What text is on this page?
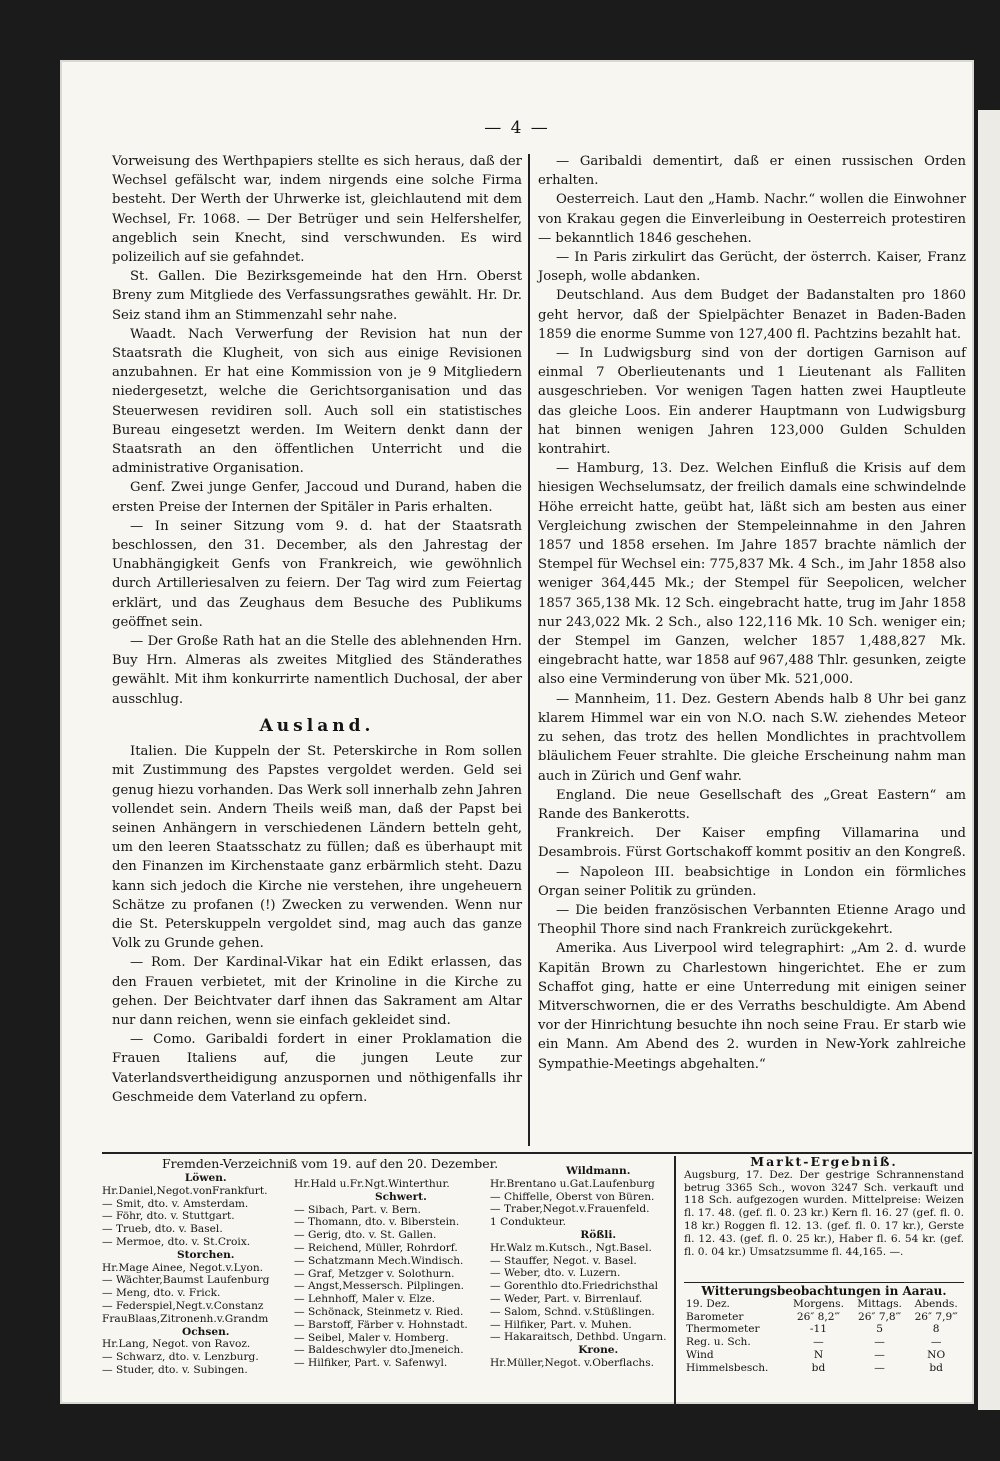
— 4 —

Vorweisung des Werthpapiers stellte es sich heraus, daß der Wechsel gefälscht war, indem nirgends eine solche Firma besteht. Der Werth der Uhrwerke ist, gleichlautend mit dem Wechsel, Fr. 1068. — Der Betrüger und sein Helfershelfer, angeblich sein Knecht, sind verschwunden. Es wird polizeilich auf sie gefahndet.

St. Gallen. Die Bezirksgemeinde hat den Hrn. Oberst Breny zum Mitgliede des Verfassungsrathes gewählt. Hr. Dr. Seiz stand ihm an Stimmenzahl sehr nahe.

Waadt. Nach Verwerfung der Revision hat nun der Staatsrath die Klugheit, von sich aus einige Revisionen anzubahnen. Er hat eine Kommission von je 9 Mitgliedern niedergesetzt, welche die Gerichtsorganisation und das Steuerwesen revidiren soll. Auch soll ein statistisches Bureau eingesetzt werden. Im Weitern denkt dann der Staatsrath an den öffentlichen Unterricht und die administrative Organisation.

Genf. Zwei junge Genfer, Jaccoud und Durand, haben die ersten Preise der Internen der Spitäler in Paris erhalten.

— In seiner Sitzung vom 9. d. hat der Staatsrath beschlossen, den 31. December, als den Jahrestag der Unabhängigkeit Genfs von Frankreich, wie gewöhnlich durch Artilleriesalven zu feiern. Der Tag wird zum Feiertag erklärt, und das Zeughaus dem Besuche des Publikums geöffnet sein.

— Der Große Rath hat an die Stelle des ablehnenden Hrn. Buy Hrn. Almeras als zweites Mitglied des Ständerathes gewählt. Mit ihm konkurrirte namentlich Duchosal, der aber ausschlug.

Ausland.

Italien. Die Kuppeln der St. Peterskirche in Rom sollen mit Zustimmung des Papstes vergoldet werden. Geld sei genug hiezu vorhanden. Das Werk soll innerhalb zehn Jahren vollendet sein. Andern Theils weiß man, daß der Papst bei seinen Anhängern in verschiedenen Ländern betteln geht, um den leeren Staatsschatz zu füllen; daß es überhaupt mit den Finanzen im Kirchenstaate ganz erbärmlich steht. Dazu kann sich jedoch die Kirche nie verstehen, ihre ungeheuern Schätze zu profanen (!) Zwecken zu verwenden. Wenn nur die St. Peterskuppeln vergoldet sind, mag auch das ganze Volk zu Grunde gehen.

— Rom. Der Kardinal-Vikar hat ein Edikt erlassen, das den Frauen verbietet, mit der Krinoline in die Kirche zu gehen. Der Beichtvater darf ihnen das Sakrament am Altar nur dann reichen, wenn sie einfach gekleidet sind.

— Como. Garibaldi fordert in einer Proklamation die Frauen Italiens auf, die jungen Leute zur Vaterlandsvertheidigung anzuspornen und nöthigenfalls ihr Geschmeide dem Vaterland zu opfern.

— Garibaldi dementirt, daß er einen russischen Orden erhalten.

Oesterreich. Laut den „Hamb. Nachr.“ wollen die Einwohner von Krakau gegen die Einverleibung in Oesterreich protestiren — bekanntlich 1846 geschehen.

— In Paris zirkulirt das Gerücht, der österrch. Kaiser, Franz Joseph, wolle abdanken.

Deutschland. Aus dem Budget der Badanstalten pro 1860 geht hervor, daß der Spielpächter Benazet in Baden-Baden 1859 die enorme Summe von 127,400 fl. Pachtzins bezahlt hat.

— In Ludwigsburg sind von der dortigen Garnison auf einmal 7 Oberlieutenants und 1 Lieutenant als Falliten ausgeschrieben. Vor wenigen Tagen hatten zwei Hauptleute das gleiche Loos. Ein anderer Hauptmann von Ludwigsburg hat binnen wenigen Jahren 123,000 Gulden Schulden kontrahirt.

— Hamburg, 13. Dez. Welchen Einfluß die Krisis auf dem hiesigen Wechselumsatz, der freilich damals eine schwindelnde Höhe erreicht hatte, geübt hat, läßt sich am besten aus einer Vergleichung zwischen der Stempeleinnahme in den Jahren 1857 und 1858 ersehen. Im Jahre 1857 brachte nämlich der Stempel für Wechsel ein: 775,837 Mk. 4 Sch., im Jahr 1858 also weniger 364,445 Mk.; der Stempel für Seepolicen, welcher 1857 365,138 Mk. 12 Sch. eingebracht hatte, trug im Jahr 1858 nur 243,022 Mk. 2 Sch., also 122,116 Mk. 10 Sch. weniger ein; der Stempel im Ganzen, welcher 1857 1,488,827 Mk. eingebracht hatte, war 1858 auf 967,488 Thlr. gesunken, zeigte also eine Verminderung von über Mk. 521,000.

— Mannheim, 11. Dez. Gestern Abends halb 8 Uhr bei ganz klarem Himmel war ein von N.O. nach S.W. ziehendes Meteor zu sehen, das trotz des hellen Mondlichtes in prachtvollem bläulichem Feuer strahlte. Die gleiche Erscheinung nahm man auch in Zürich und Genf wahr.

England. Die neue Gesellschaft des „Great Eastern“ am Rande des Bankerotts.

Frankreich. Der Kaiser empfing Villamarina und Desambrois. Fürst Gortschakoff kommt positiv an den Kongreß.

— Napoleon III. beabsichtige in London ein förmliches Organ seiner Politik zu gründen.

— Die beiden französischen Verbannten Etienne Arago und Theophil Thore sind nach Frankreich zurückgekehrt.

Amerika. Aus Liverpool wird telegraphirt: „Am 2. d. wurde Kapitän Brown zu Charlestown hingerichtet. Ehe er zum Schaffot ging, hatte er eine Unterredung mit einigen seiner Mitverschwornen, die er des Verraths beschuldigte. Am Abend vor der Hinrichtung besuchte ihn noch seine Frau. Er starb wie ein Mann. Am Abend des 2. wurden in New-York zahlreiche Sympathie-Meetings abgehalten.“

Fremden-Verzeichniß vom 19. auf den 20. Dezember.
Löwen.
Hr.Daniel,Negot.vonFrankfurt.
— Smit, dto. v. Amsterdam.
— Föhr, dto. v. Stuttgart.
— Trueb, dto. v. Basel.
— Mermoe, dto. v. St.Croix.
Storchen.
Hr.Mage Ainee, Negot.v.Lyon.
— Wächter,Baumst Laufenburg
— Meng, dto. v. Frick.
— Federspiel,Negt.v.Constanz
FrauBlaas,Zitronenh.v.Grandm
Ochsen.
Hr.Lang, Negot. von Ravoz.
— Schwarz, dto. v. Lenzburg.
— Studer, dto. v. Subingen.
Hr.Hald u.Fr.Ngt.Winterthur.
Schwert.
— Sibach, Part. v. Bern.
— Thomann, dto. v. Biberstein.
— Gerig, dto. v. St. Gallen.
— Reichend, Müller, Rohrdorf.
— Schatzmann Mech.Windisch.
— Graf, Metzger v. Solothurn.
— Angst,Messersch. Pilplingen.
— Lehnhoff, Maler v. Elze.
— Schönack, Steinmetz v. Ried.
— Barstoff, Färber v. Hohnstadt.
— Seibel, Maler v. Homberg.
— Baldeschwyler dto.Jmeneich.
— Hilfiker, Part. v. Safenwyl.
Wildmann.
Hr.Brentano u.Gat.Laufenburg
— Chiffelle, Oberst von Büren.
— Traber,Negot.v.Frauenfeld.
1 Condukteur.
Rößli.
Hr.Walz m.Kutsch., Ngt.Basel.
— Stauffer, Negot. v. Basel.
— Weber, dto. v. Luzern.
— Gorenthlo dto.Friedrichsthal
— Weder, Part. v. Birrenlauf.
— Salom, Schnd. v.Stüßlingen.
— Hilfiker, Part. v. Muhen.
— Hakaraitsch, Dethbd. Ungarn.
Krone.
Hr.Müller,Negot. v.Oberflachs.
Markt-Ergebniß.
Augsburg, 17. Dez. Der gestrige Schrannenstand betrug 3365 Sch., wovon 3247 Sch. verkauft und 118 Sch. aufgezogen wurden. Mittelpreise: Weizen fl. 17. 48. (gef. fl. 0. 23 kr.) Kern fl. 16. 27 (gef. fl. 0. 18 kr.) Roggen fl. 12. 13. (gef. fl. 0. 17 kr.), Gerste fl. 12. 43. (gef. fl. 0. 25 kr.), Haber fl. 6. 54 kr. (gef. fl. 0. 04 kr.) Umsatzsumme fl. 44,165. —.
Witterungsbeobachtungen in Aarau.
19. Dez.	Morgens.	Mittags.	Abends.
Barometer	26″ 8,2‴	26″ 7,8‴	26″ 7,9‴
Thermometer	-11	5	8
Reg. u. Sch.	—	—	—
Wind	N	—	NO
Himmelsbesch.	bd	—	bd
